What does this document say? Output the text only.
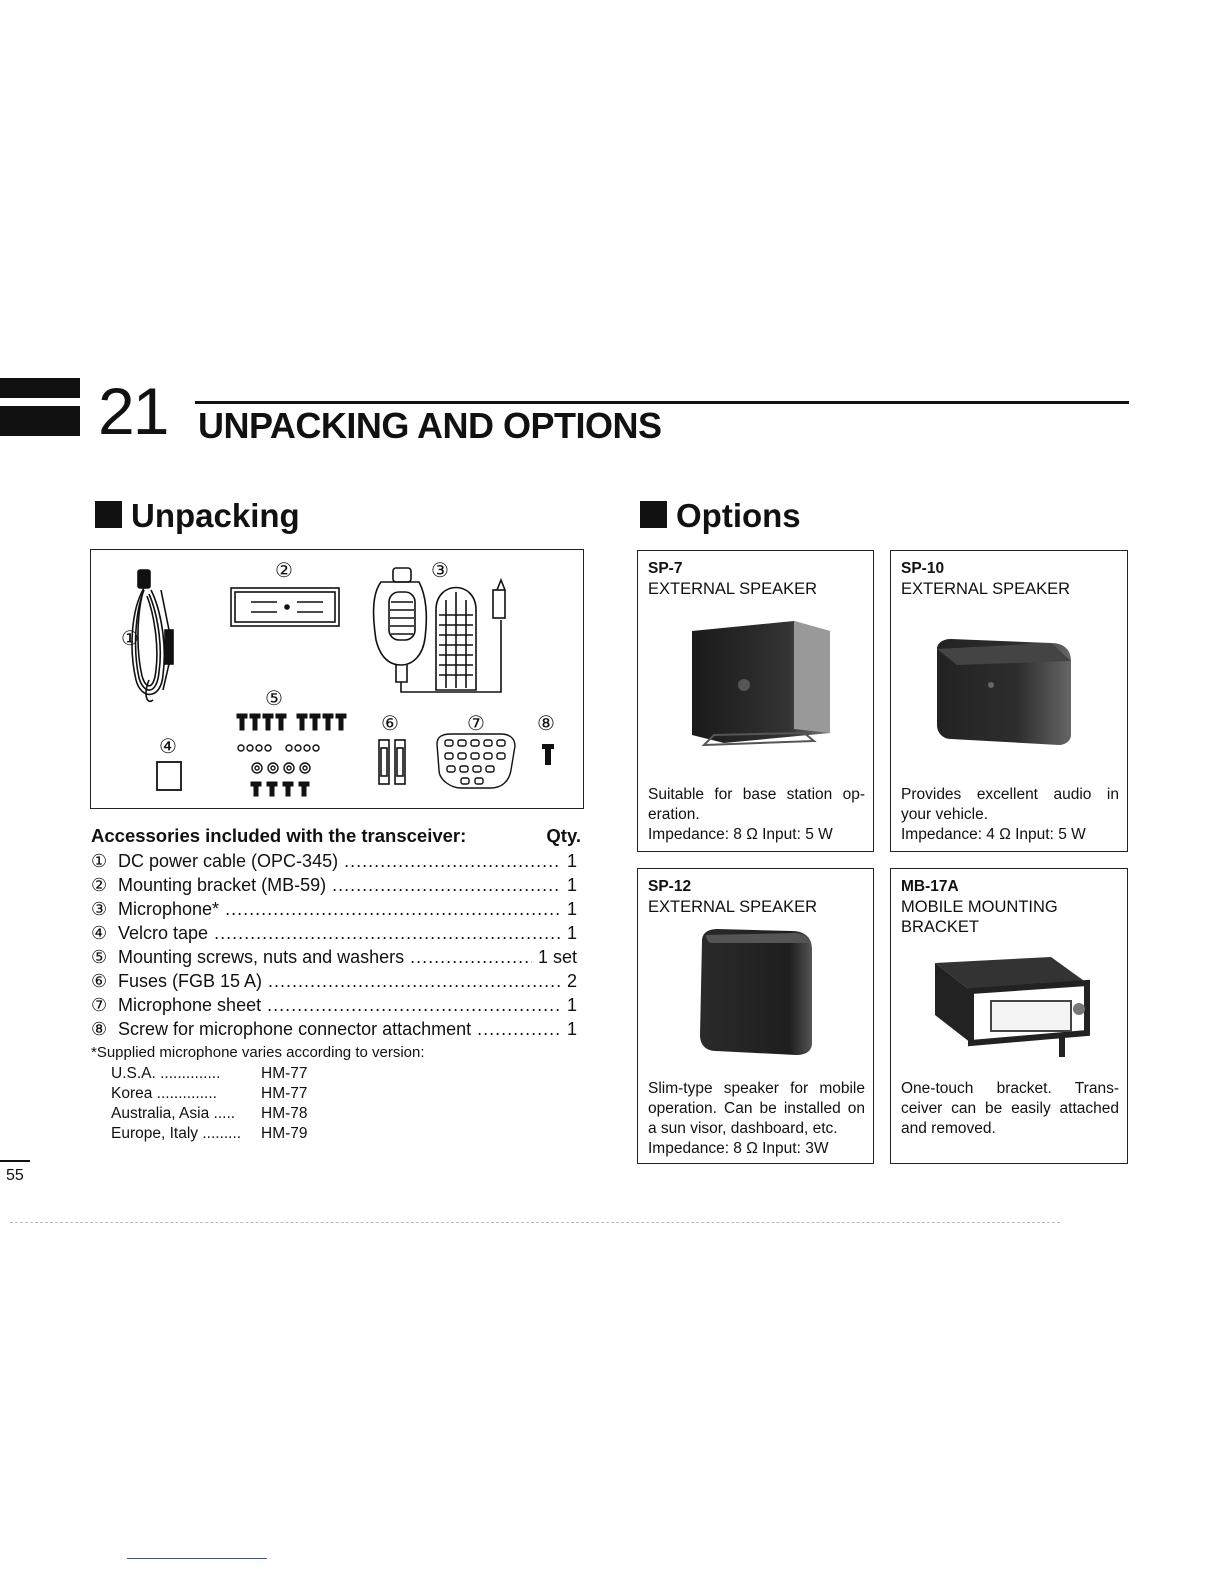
21 UNPACKING AND OPTIONS
Unpacking	Options
①
②	③
④
⑤
⑥	⑦	⑧
Accessories included with the transceiver:	Qty.
① DC power cable (OPC-345) .....	1
② Mounting bracket (MB-59) .....	1
③ Microphone* .....	1
④ Velcro tape .....	1
⑤ Mounting screws, nuts and washers .....	1 set
⑥ Fuses (FGB 15 A) .....	2
⑦ Microphone sheet .....	1
⑧ Screw for microphone connector attachment .....	1
*Supplied microphone varies according to version:
U.S.A. ..............	HM-77
Korea ..............	HM-77
Australia, Asia ..... HM-78
Europe, Italy ......... HM-79
SP-7
EXTERNAL SPEAKER
Suitable for base station op-eration.
Impedance: 8 Ω Input: 5 W
SP-10
EXTERNAL SPEAKER
Provides excellent audio in your vehicle.
Impedance: 4 Ω Input: 5 W
SP-12
EXTERNAL SPEAKER
Slim-type speaker for mobile operation. Can be installed on a sun visor, dashboard, etc.
Impedance: 8 Ω Input: 3W
MB-17A
MOBILE MOUNTING
BRACKET
One-touch bracket. Trans-ceiver can be easily attached and removed.
55
